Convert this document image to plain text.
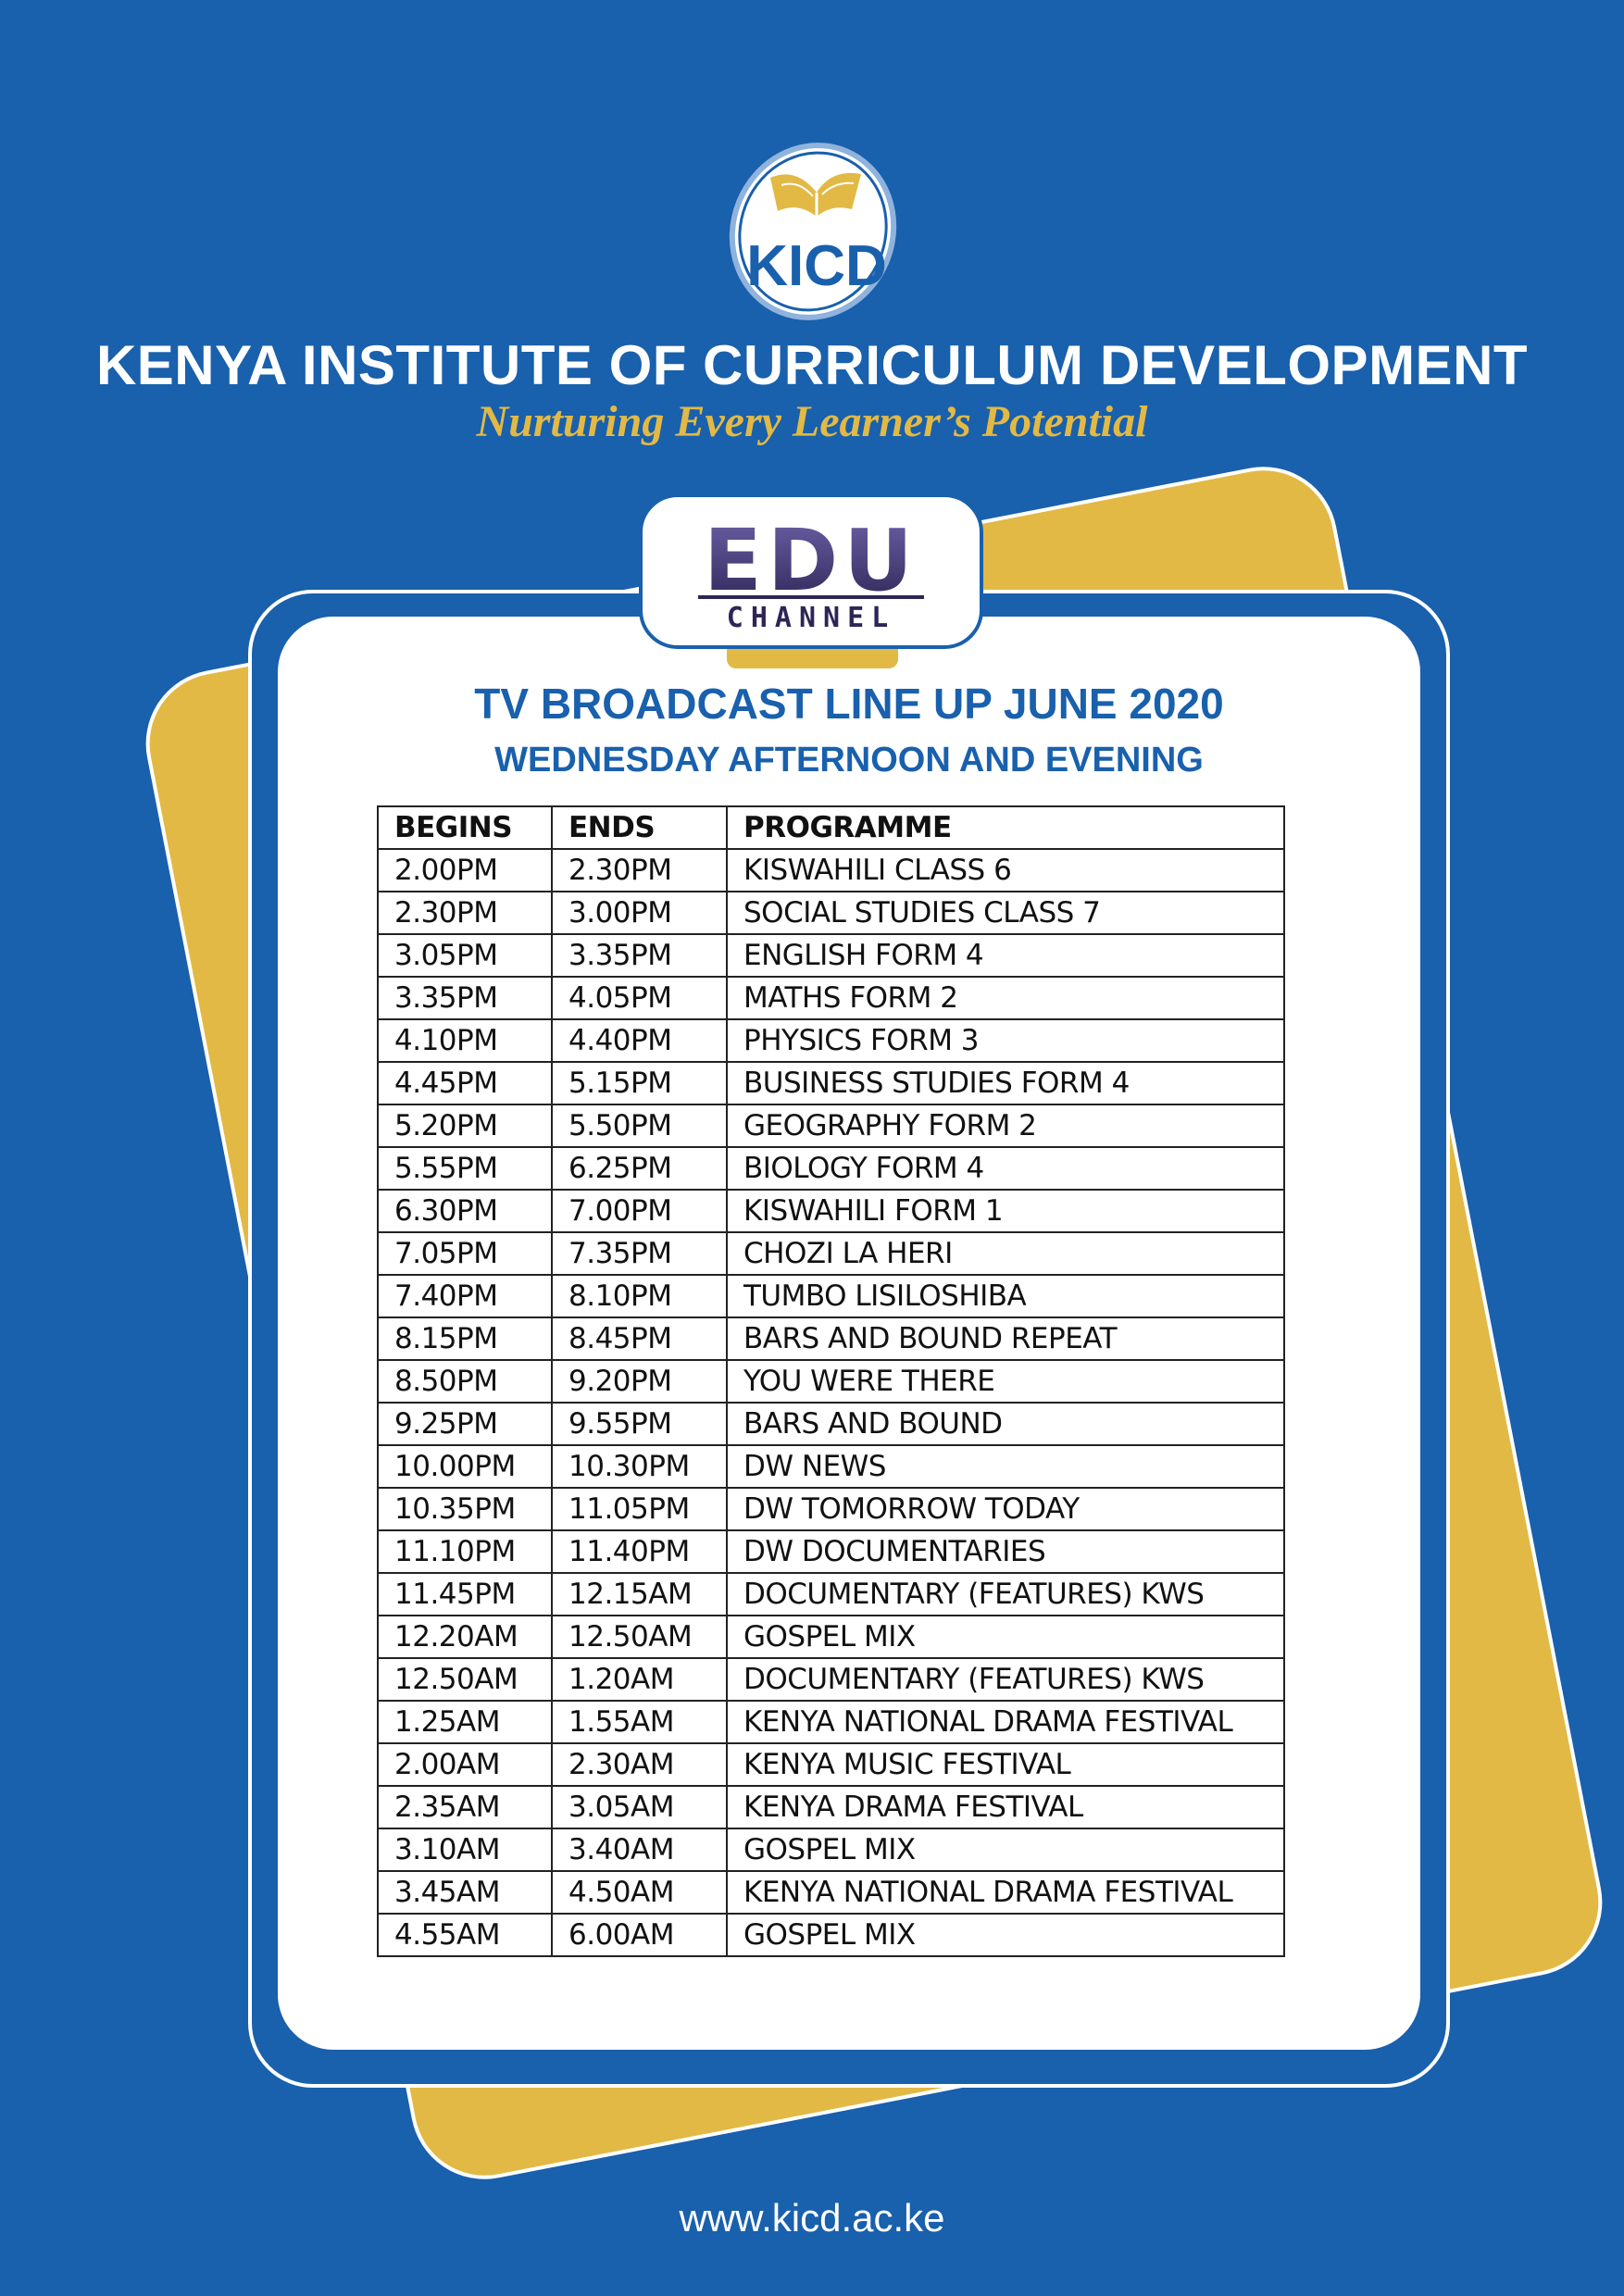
KICD
KENYA INSTITUTE OF CURRICULUM DEVELOPMENT
Nurturing Every Learner’s Potential
EDU
CHANNEL
TV BROADCAST LINE UP JUNE 2020
WEDNESDAY AFTERNOON AND EVENING
BEGINS	ENDS	PROGRAMME
2.00PM	2.30PM	KISWAHILI CLASS 6
2.30PM	3.00PM	SOCIAL STUDIES CLASS 7
3.05PM	3.35PM	ENGLISH FORM 4
3.35PM	4.05PM	MATHS FORM 2
4.10PM	4.40PM	PHYSICS FORM 3
4.45PM	5.15PM	BUSINESS STUDIES FORM 4
5.20PM	5.50PM	GEOGRAPHY FORM 2
5.55PM	6.25PM	BIOLOGY FORM 4
6.30PM	7.00PM	KISWAHILI FORM 1
7.05PM	7.35PM	CHOZI LA HERI
7.40PM	8.10PM	TUMBO LISILOSHIBA
8.15PM	8.45PM	BARS AND BOUND REPEAT
8.50PM	9.20PM	YOU WERE THERE
9.25PM	9.55PM	BARS AND BOUND
10.00PM	10.30PM	DW NEWS
10.35PM	11.05PM	DW TOMORROW TODAY
11.10PM	11.40PM	DW DOCUMENTARIES
11.45PM	12.15AM	DOCUMENTARY (FEATURES) KWS
12.20AM	12.50AM	GOSPEL MIX
12.50AM	1.20AM	DOCUMENTARY (FEATURES) KWS
1.25AM	1.55AM	KENYA NATIONAL DRAMA FESTIVAL
2.00AM	2.30AM	KENYA MUSIC FESTIVAL
2.35AM	3.05AM	KENYA DRAMA FESTIVAL
3.10AM	3.40AM	GOSPEL MIX
3.45AM	4.50AM	KENYA NATIONAL DRAMA FESTIVAL
4.55AM	6.00AM	GOSPEL MIX
www.kicd.ac.ke
